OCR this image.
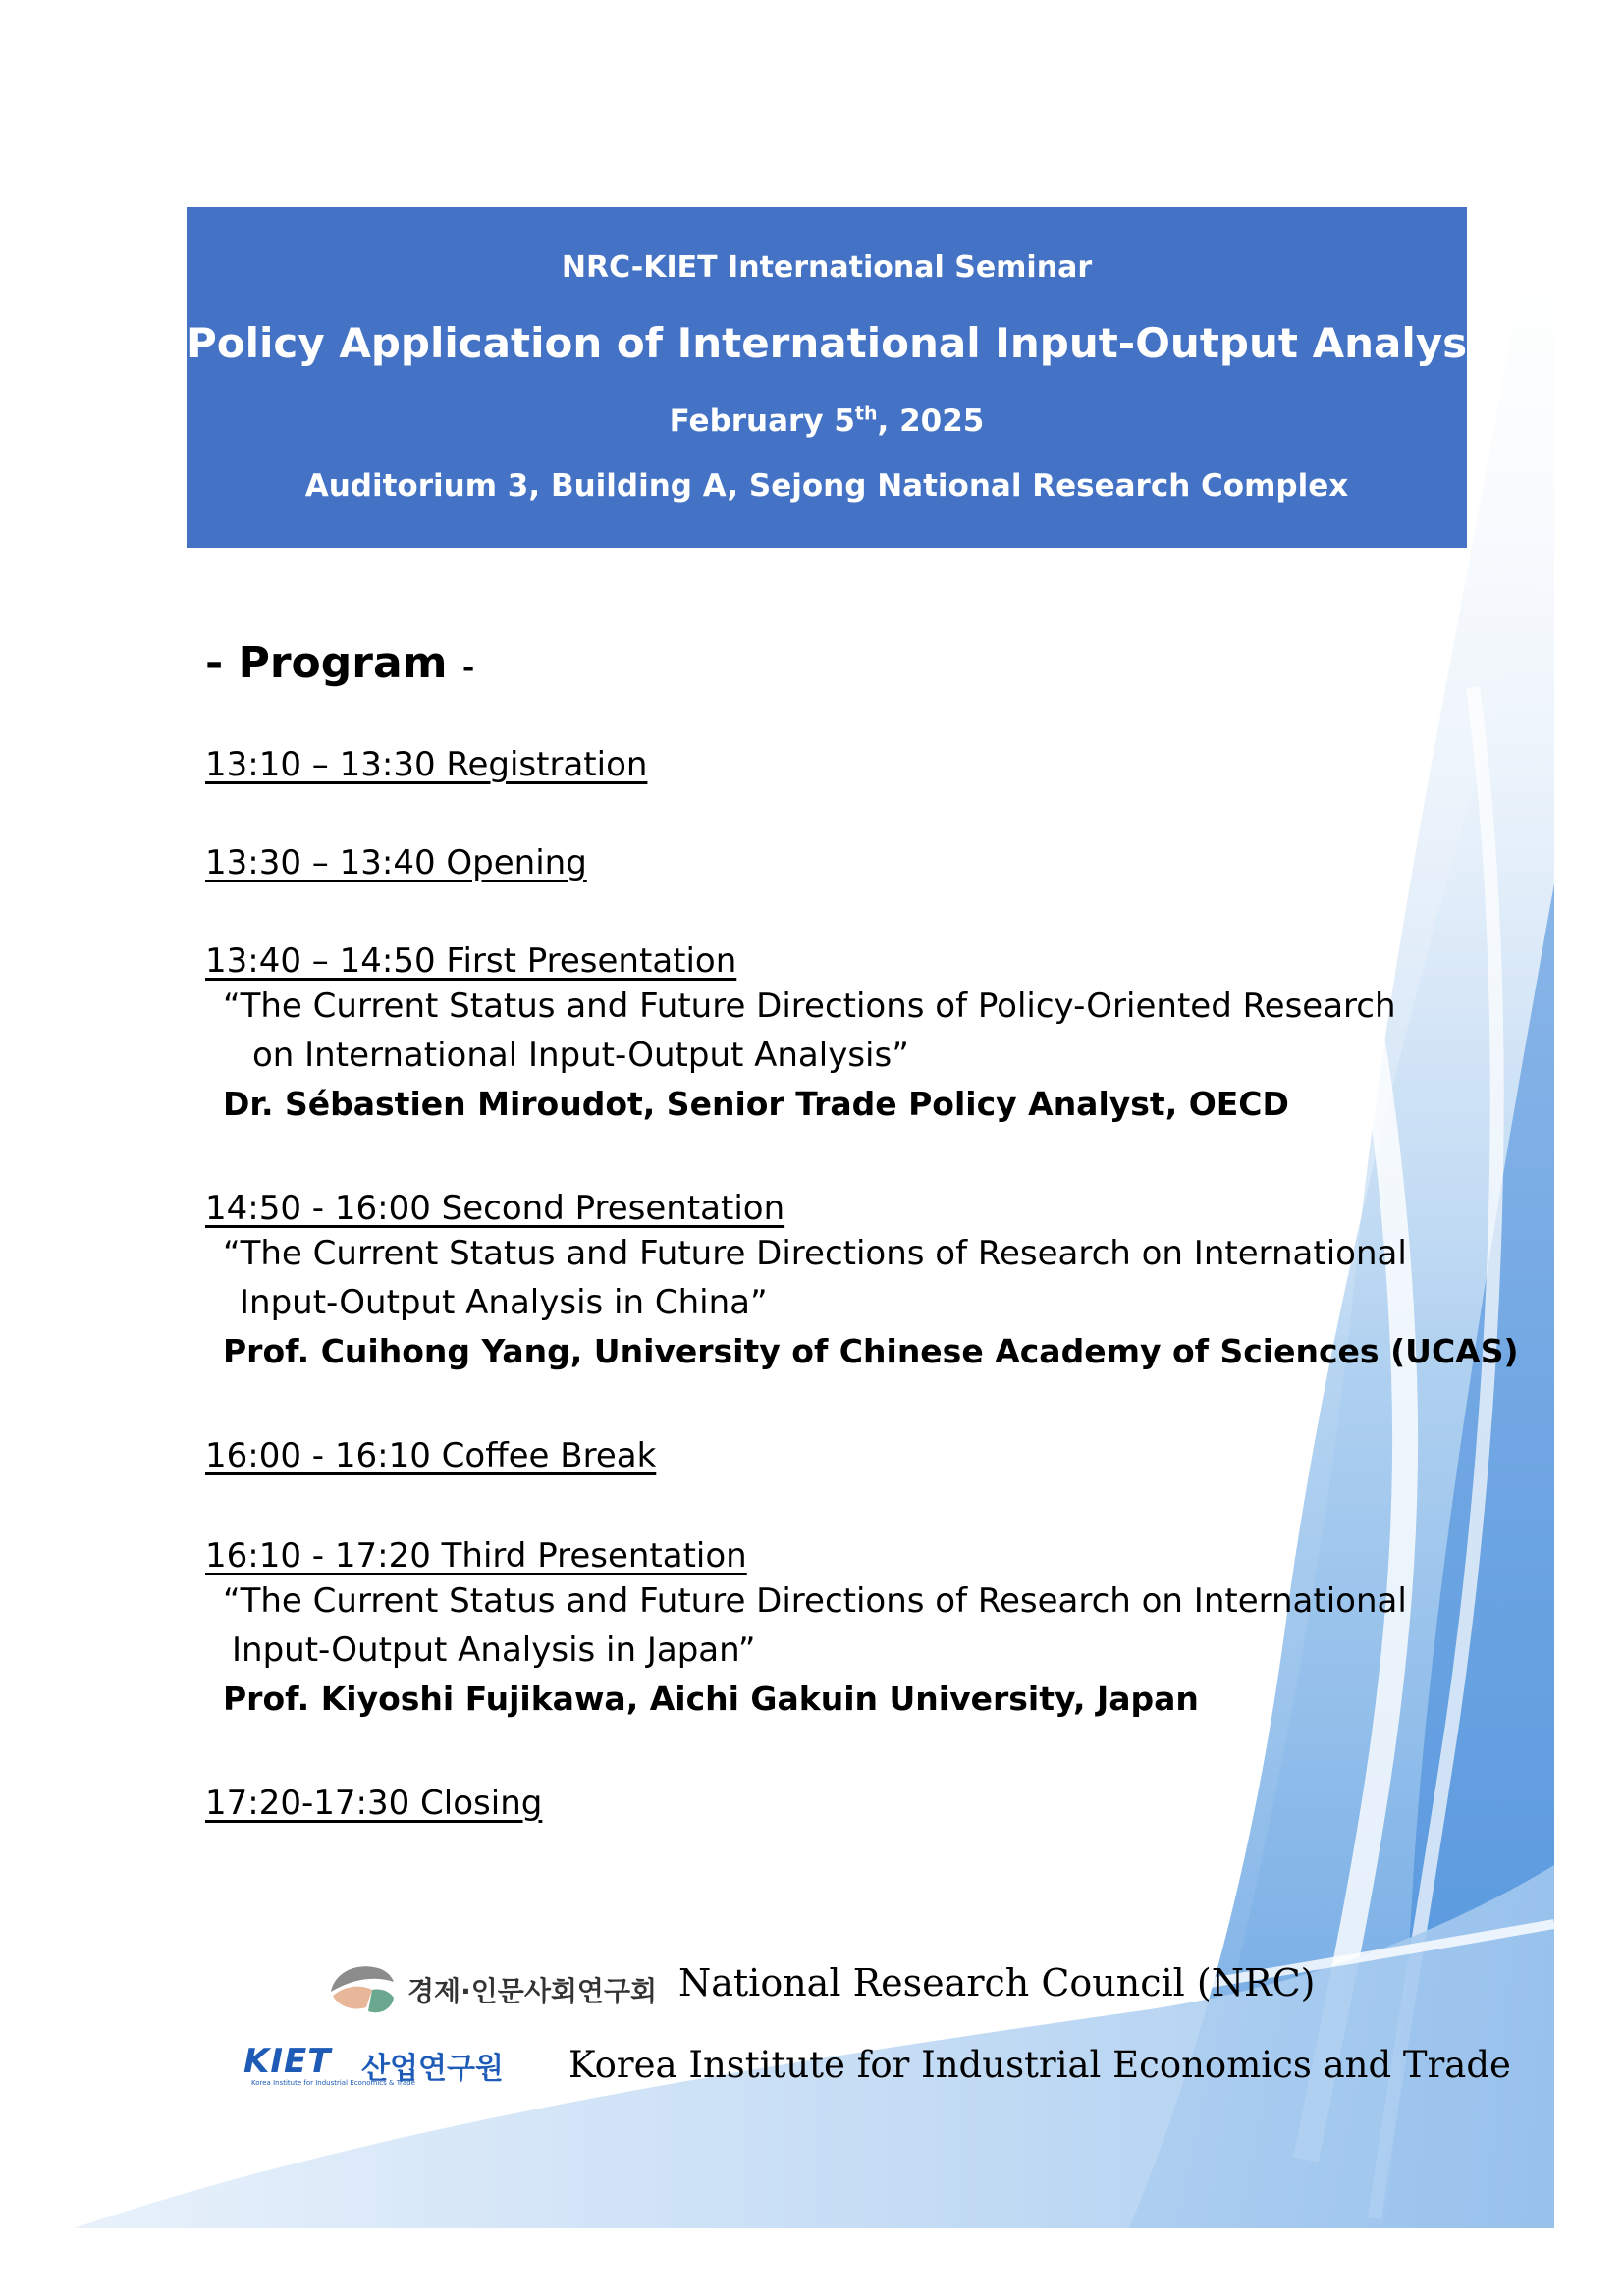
NRC-KIET International Seminar
Policy Application of International Input-Output Analysis
February 5th, 2025
Auditorium 3, Building A, Sejong National Research Complex
- Program -
13:10 – 13:30 Registration
13:30 – 13:40 Opening
13:40 – 14:50 First Presentation
“The Current Status and Future Directions of Policy-Oriented Research
on International Input-Output Analysis”
Dr. Sébastien Miroudot, Senior Trade Policy Analyst, OECD
14:50 - 16:00 Second Presentation
“The Current Status and Future Directions of Research on International
Input-Output Analysis in China”
Prof. Cuihong Yang, University of Chinese Academy of Sciences (UCAS)
16:00 - 16:10 Coffee Break
16:10 - 17:20 Third Presentation
“The Current Status and Future Directions of Research on International
Input-Output Analysis in Japan”
Prof. Kiyoshi Fujikawa, Aichi Gakuin University, Japan
17:20-17:30 Closing
경제·인문사회연구회 National Research Council (NRC)
KIET
Korea Institute for Industrial Economics & Trade
산업연구원 Korea Institute for Industrial Economics and Trade
